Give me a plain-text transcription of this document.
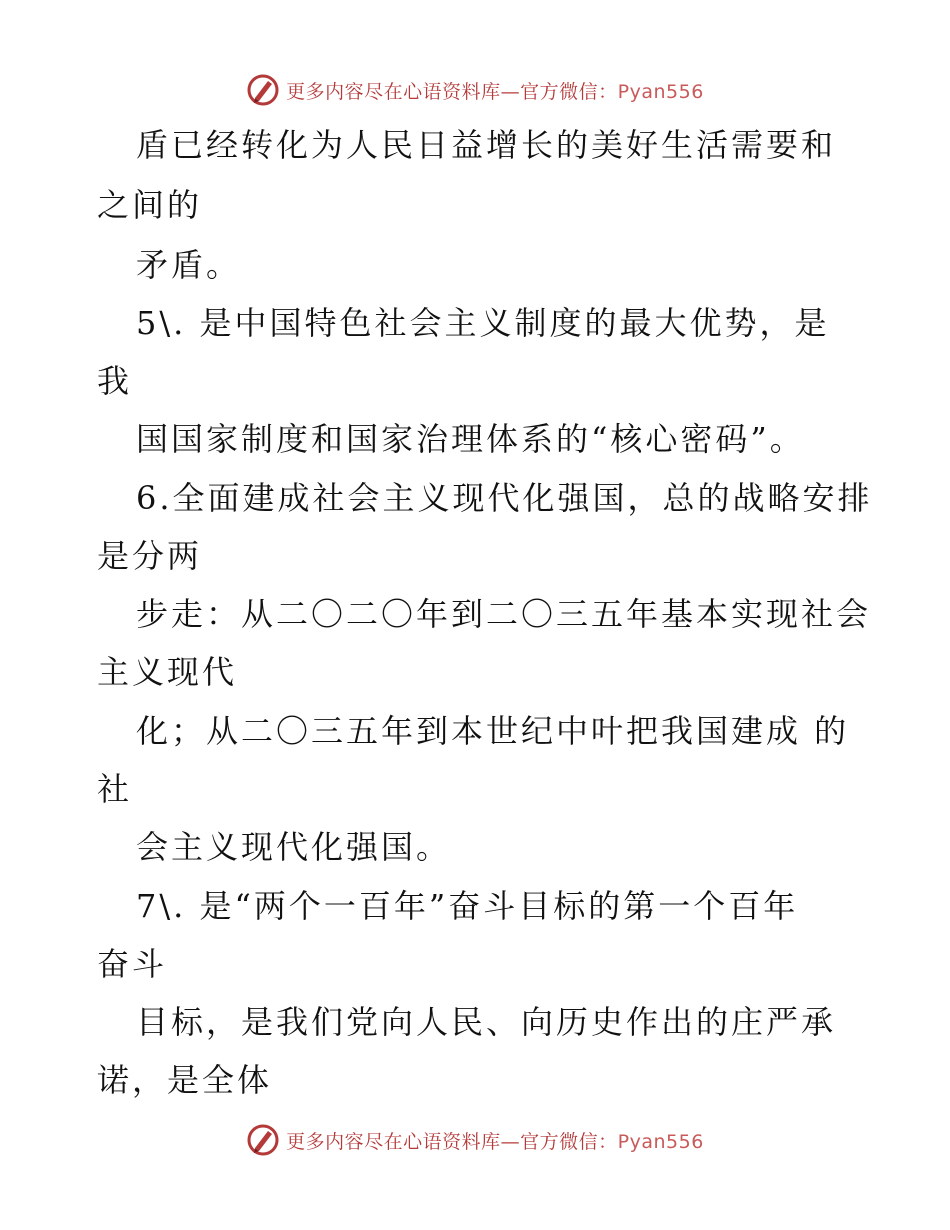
更多内容尽在心语资料库—官方微信：Pyan556
盾已经转化为人民日益增长的美好生活需要和
之间的
矛盾。
5\. 是中国特色社会主义制度的最大优势，是
我
国国家制度和国家治理体系的“核心密码”。
6.全面建成社会主义现代化强国，总的战略安排
是分两
步走：从二〇二〇年到二〇三五年基本实现社会
主义现代
化；从二〇三五年到本世纪中叶把我国建成 的
社
会主义现代化强国。
7\. 是“两个一百年”奋斗目标的第一个百年
奋斗
目标，是我们党向人民、向历史作出的庄严承
诺，是全体
更多内容尽在心语资料库—官方微信：Pyan556
